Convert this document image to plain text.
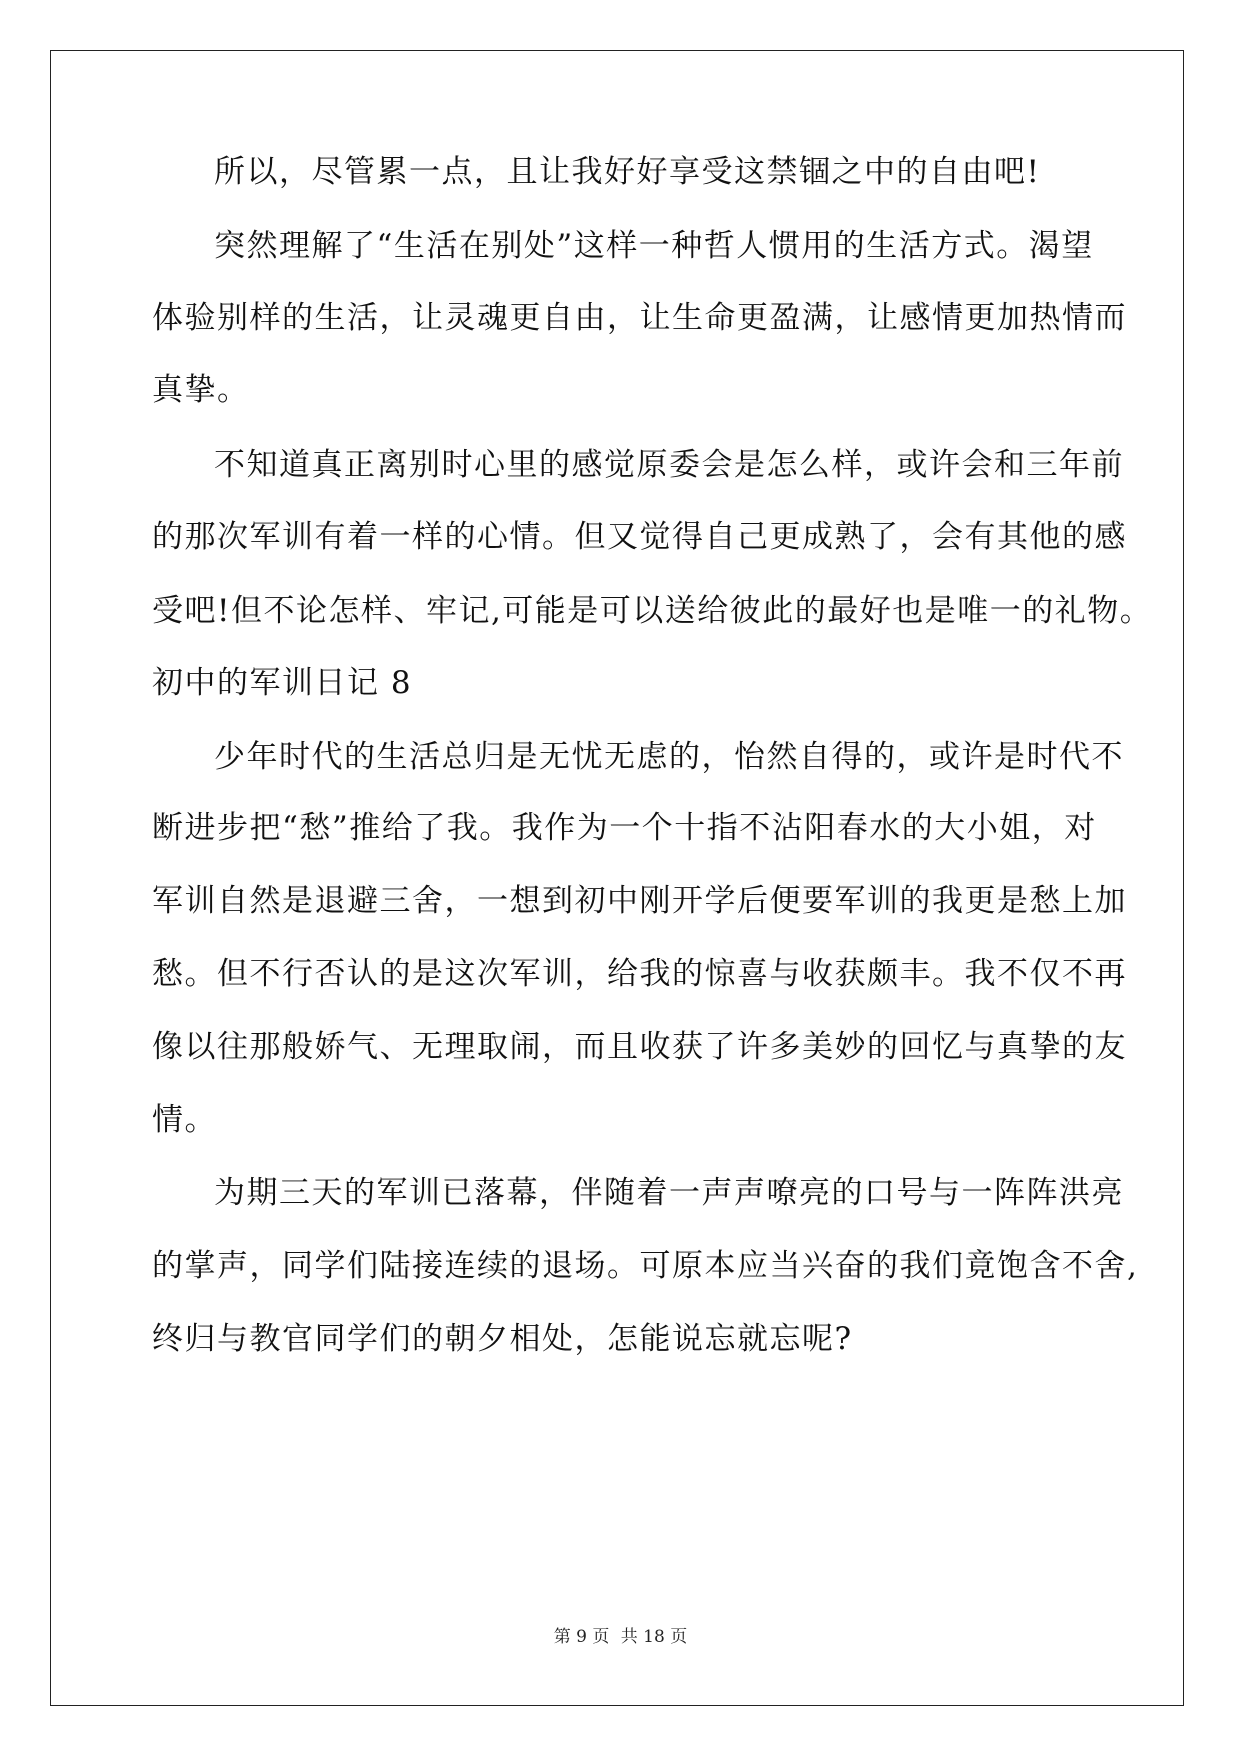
所以，尽管累一点，且让我好好享受这禁锢之中的自由吧!
突然理解了“生活在别处”这样一种哲人惯用的生活方式。渴望
体验别样的生活，让灵魂更自由，让生命更盈满，让感情更加热情而
真挚。
不知道真正离别时心里的感觉原委会是怎么样，或许会和三年前
的那次军训有着一样的心情。但又觉得自己更成熟了，会有其他的感
受吧!但不论怎样、牢记,可能是可以送给彼此的最好也是唯一的礼物。
初中的军训日记 8
少年时代的生活总归是无忧无虑的，怡然自得的，或许是时代不
断进步把“愁”推给了我。我作为一个十指不沾阳春水的大小姐，对
军训自然是退避三舍，一想到初中刚开学后便要军训的我更是愁上加
愁。但不行否认的是这次军训，给我的惊喜与收获颇丰。我不仅不再
像以往那般娇气、无理取闹，而且收获了许多美妙的回忆与真挚的友
情。
为期三天的军训已落幕，伴随着一声声嘹亮的口号与一阵阵洪亮
的掌声，同学们陆接连续的退场。可原本应当兴奋的我们竟饱含不舍,
终归与教官同学们的朝夕相处，怎能说忘就忘呢?
第 9 页 共 18 页
